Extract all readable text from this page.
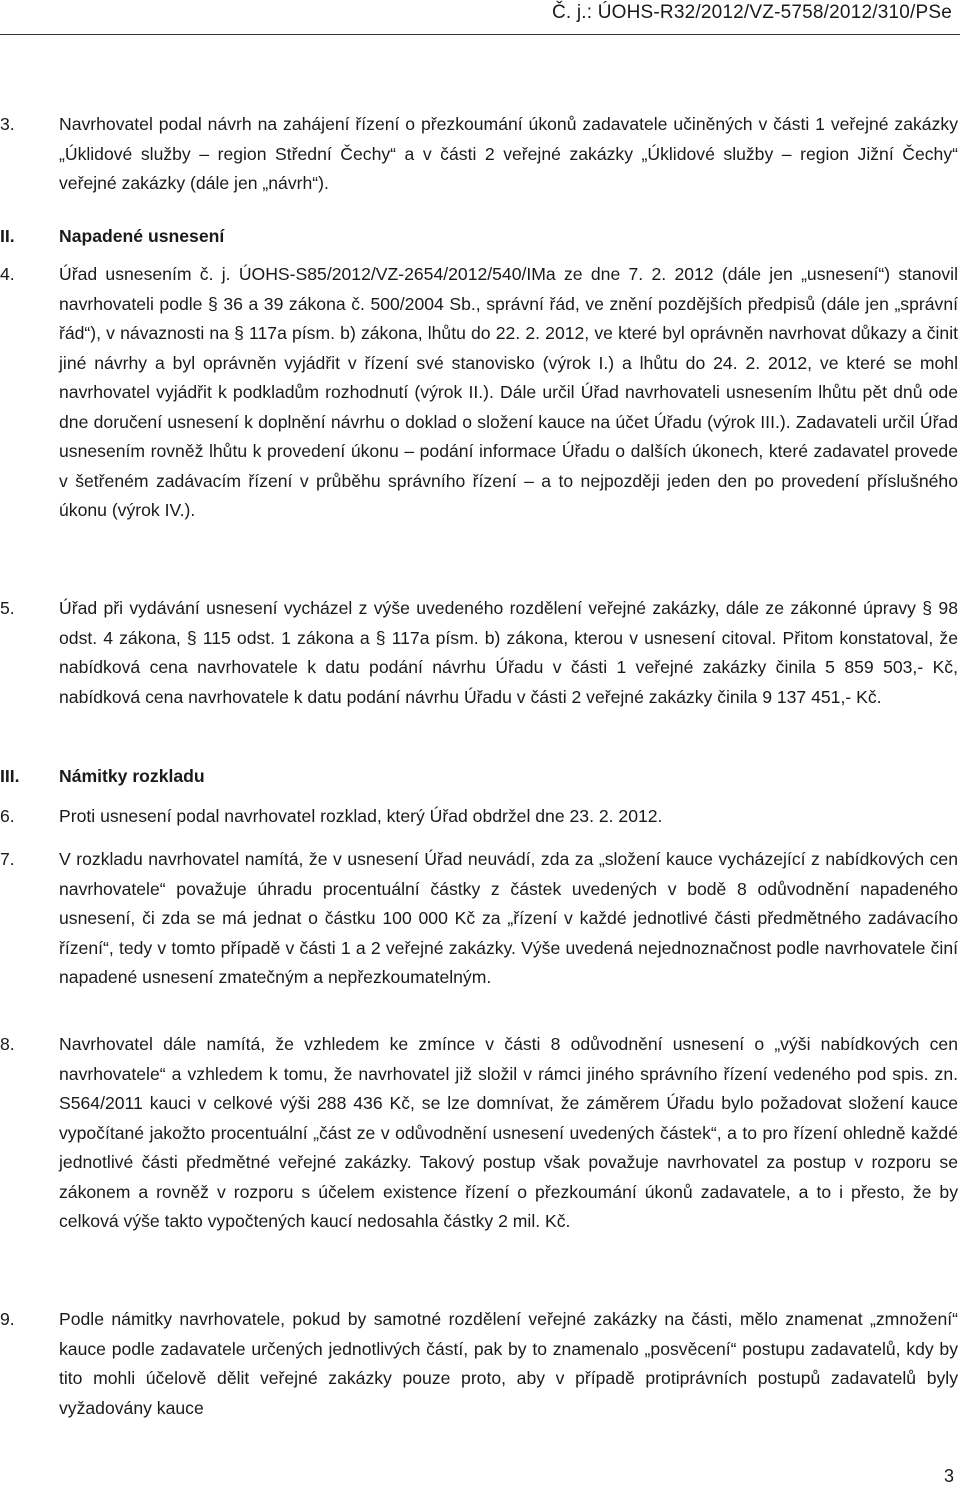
Č. j.: ÚOHS-R32/2012/VZ-5758/2012/310/PSe
3.	Navrhovatel podal návrh na zahájení řízení o přezkoumání úkonů zadavatele učiněných v části 1 veřejné zakázky „Úklidové služby – region Střední Čechy“ a v části 2 veřejné zakázky „Úklidové služby – region Jižní Čechy“ veřejné zakázky (dále jen „návrh“).
II.	Napadené usnesení
4.	Úřad usnesením č. j. ÚOHS-S85/2012/VZ-2654/2012/540/IMa ze dne 7. 2. 2012 (dále jen „usnesení“) stanovil navrhovateli podle § 36 a 39 zákona č. 500/2004 Sb., správní řád, ve znění pozdějších předpisů (dále jen „správní řád“), v návaznosti na § 117a písm. b) zákona, lhůtu do 22. 2. 2012, ve které byl oprávněn navrhovat důkazy a činit jiné návrhy a byl oprávněn vyjádřit v řízení své stanovisko (výrok I.) a lhůtu do 24. 2. 2012, ve které se mohl navrhovatel vyjádřit k podkladům rozhodnutí (výrok II.). Dále určil Úřad navrhovateli usnesením lhůtu pět dnů ode dne doručení usnesení k doplnění návrhu o doklad o složení kauce na účet Úřadu (výrok III.). Zadavateli určil Úřad usnesením rovněž lhůtu k provedení úkonu – podání informace Úřadu o dalších úkonech, které zadavatel provede v šetřeném zadávacím řízení v průběhu správního řízení – a to nejpozději jeden den po provedení příslušného úkonu (výrok IV.).
5.	Úřad při vydávání usnesení vycházel z výše uvedeného rozdělení veřejné zakázky, dále ze zákonné úpravy § 98 odst. 4 zákona, § 115 odst. 1 zákona a § 117a písm. b) zákona, kterou v usnesení citoval. Přitom konstatoval, že nabídková cena navrhovatele k datu podání návrhu Úřadu v části 1 veřejné zakázky činila 5 859 503,- Kč, nabídková cena navrhovatele k datu podání návrhu Úřadu v části 2 veřejné zakázky činila 9 137 451,- Kč.
III.	Námitky rozkladu
6.	Proti usnesení podal navrhovatel rozklad, který Úřad obdržel dne 23. 2. 2012.
7.	V rozkladu navrhovatel namítá, že v usnesení Úřad neuvádí, zda za „složení kauce vycházející z nabídkových cen navrhovatele“ považuje úhradu procentuální částky z částek uvedených v bodě 8 odůvodnění napadeného usnesení, či zda se má jednat o částku 100 000 Kč za „řízení v každé jednotlivé části předmětného zadávacího řízení“, tedy v tomto případě v části 1 a 2 veřejné zakázky. Výše uvedená nejednoznačnost podle navrhovatele činí napadené usnesení zmatečným a nepřezkoumatelným.
8.	Navrhovatel dále namítá, že vzhledem ke zmínce v části 8 odůvodnění usnesení o „výši nabídkových cen navrhovatele“ a vzhledem k tomu, že navrhovatel již složil v rámci jiného správního řízení vedeného pod spis. zn. S564/2011 kauci v celkové výši 288 436 Kč, se lze domnívat, že záměrem Úřadu bylo požadovat složení kauce vypočítané jakožto procentuální „část ze v odůvodnění usnesení uvedených částek“, a to pro řízení ohledně každé jednotlivé části předmětné veřejné zakázky. Takový postup však považuje navrhovatel za postup v rozporu se zákonem a rovněž v rozporu s účelem existence řízení o přezkoumání úkonů zadavatele, a to i přesto, že by celková výše takto vypočtených kaucí nedosahla částky 2 mil. Kč.
9.	Podle námitky navrhovatele, pokud by samotné rozdělení veřejné zakázky na části, mělo znamenat „zmnožení“ kauce podle zadavatele určených jednotlivých částí, pak by to znamenalo „posvěcení“ postupu zadavatelů, kdy by tito mohli účelově dělit veřejné zakázky pouze proto, aby v případě protiprávních postupů zadavatelů byly vyžadovány kauce
3
